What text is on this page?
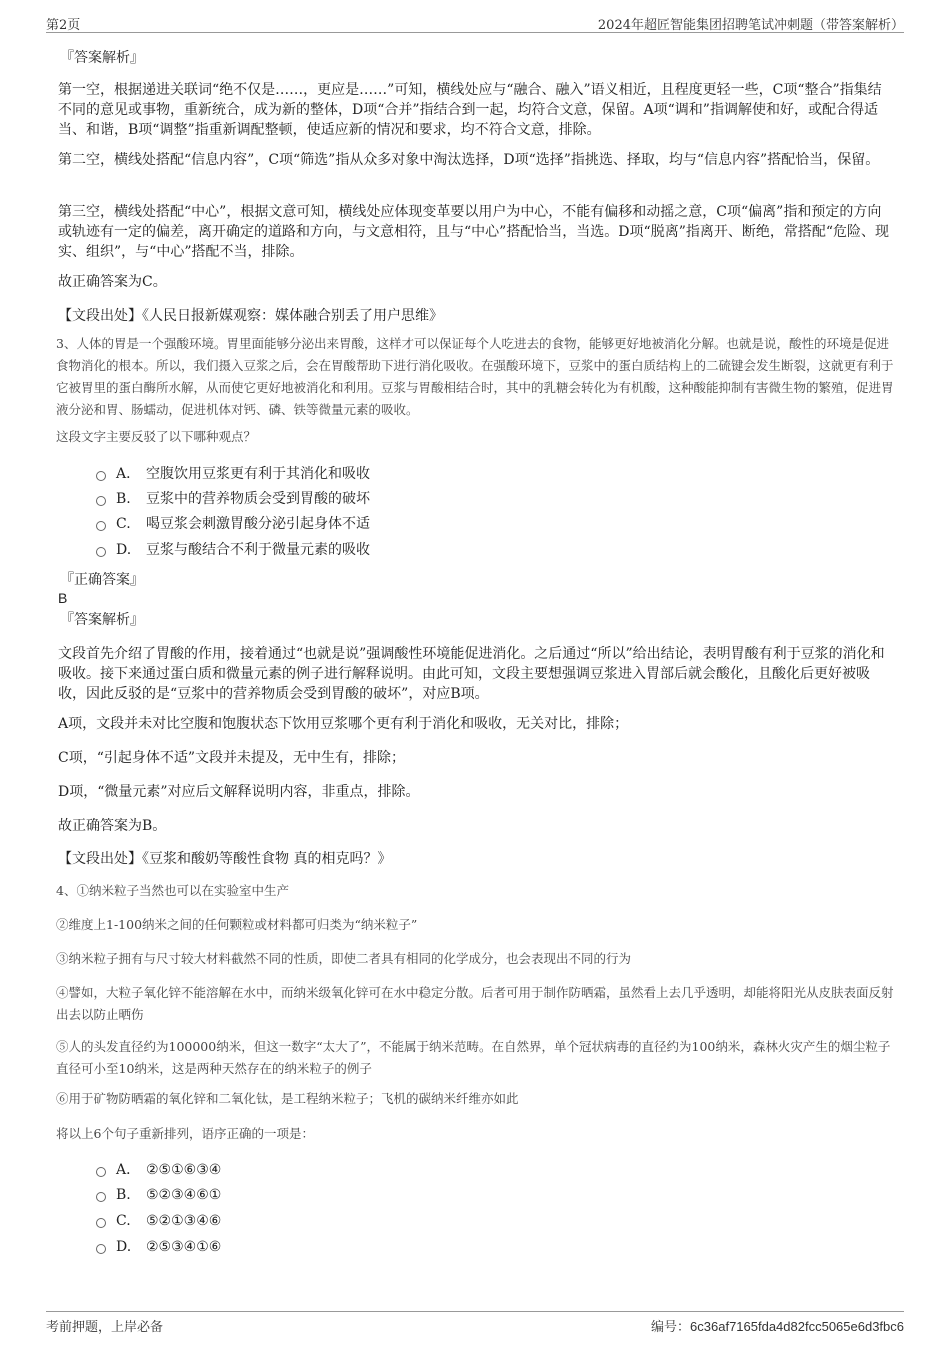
第2页	2024年超匠智能集团招聘笔试冲刺题（带答案解析）
『答案解析』
第一空，根据递进关联词“绝不仅是……，更应是……”可知，横线处应与“融合、融入”语义相近，且程度更轻一些，C项“整合”指集结不同的意见或事物，重新统合，成为新的整体，D项“合并”指结合到一起，均符合文意，保留。A项“调和”指调解使和好，或配合得适当、和谐，B项“调整”指重新调配整顿，使适应新的情况和要求，均不符合文意，排除。
第二空，横线处搭配“信息内容”，C项“筛选”指从众多对象中淘汰选择，D项“选择”指挑选、择取，均与“信息内容”搭配恰当，保留。
第三空，横线处搭配“中心”，根据文意可知，横线处应体现变革要以用户为中心，不能有偏移和动摇之意，C项“偏离”指和预定的方向或轨迹有一定的偏差，离开确定的道路和方向，与文意相符，且与“中心”搭配恰当，当选。D项“脱离”指离开、断绝，常搭配“危险、现实、组织”，与“中心”搭配不当，排除。
故正确答案为C。
【文段出处】《人民日报新媒观察：媒体融合别丢了用户思维》
3、人体的胃是一个强酸环境。胃里面能够分泌出来胃酸，这样才可以保证每个人吃进去的食物，能够更好地被消化分解。也就是说，酸性的环境是促进食物消化的根本。所以，我们摄入豆浆之后，会在胃酸帮助下进行消化吸收。在强酸环境下，豆浆中的蛋白质结构上的二硫键会发生断裂，这就更有利于它被胃里的蛋白酶所水解，从而使它更好地被消化和利用。豆浆与胃酸相结合时，其中的乳糖会转化为有机酸，这种酸能抑制有害微生物的繁殖，促进胃液分泌和胃、肠蠕动，促进机体对钙、磷、铁等微量元素的吸收。
这段文字主要反驳了以下哪种观点？
A． 空腹饮用豆浆更有利于其消化和吸收
B. 豆浆中的营养物质会受到胃酸的破坏
C. 喝豆浆会刺激胃酸分泌引起身体不适
D. 豆浆与酸结合不利于微量元素的吸收
『正确答案』
B
『答案解析』
文段首先介绍了胃酸的作用，接着通过“也就是说”强调酸性环境能促进消化。之后通过“所以”给出结论，表明胃酸有利于豆浆的消化和吸收。接下来通过蛋白质和微量元素的例子进行解释说明。由此可知，文段主要想强调豆浆进入胃部后就会酸化，且酸化后更好被吸收，因此反驳的是“豆浆中的营养物质会受到胃酸的破坏”，对应B项。
A项，文段并未对比空腹和饱腹状态下饮用豆浆哪个更有利于消化和吸收，无关对比，排除；
C项，“引起身体不适”文段并未提及，无中生有，排除；
D项，“微量元素”对应后文解释说明内容，非重点，排除。
故正确答案为B。
【文段出处】《豆浆和酸奶等酸性食物 真的相克吗？》
4、①纳米粒子当然也可以在实验室中生产
②维度上1-100纳米之间的任何颗粒或材料都可归类为“纳米粒子”
③纳米粒子拥有与尺寸较大材料截然不同的性质，即使二者具有相同的化学成分，也会表现出不同的行为
④譬如，大粒子氧化锌不能溶解在水中，而纳米级氧化锌可在水中稳定分散。后者可用于制作防晒霜，虽然看上去几乎透明，却能将阳光从皮肤表面反射出去以防止晒伤
⑤人的头发直径约为100000纳米，但这一数字“太大了”，不能属于纳米范畴。在自然界，单个冠状病毒的直径约为100纳米，森林火灾产生的烟尘粒子直径可小至10纳米，这是两种天然存在的纳米粒子的例子
⑥用于矿物防晒霜的氧化锌和二氧化钛，是工程纳米粒子；飞机的碳纳米纤维亦如此
将以上6个句子重新排列，语序正确的一项是：
A． ②⑤①⑥③④
B. ⑤②③④⑥①
C. ⑤②①③④⑥
D. ②⑤③④①⑥
考前押题，上岸必备	编号：6c36af7165fda4d82fcc5065e6d3fbc6
